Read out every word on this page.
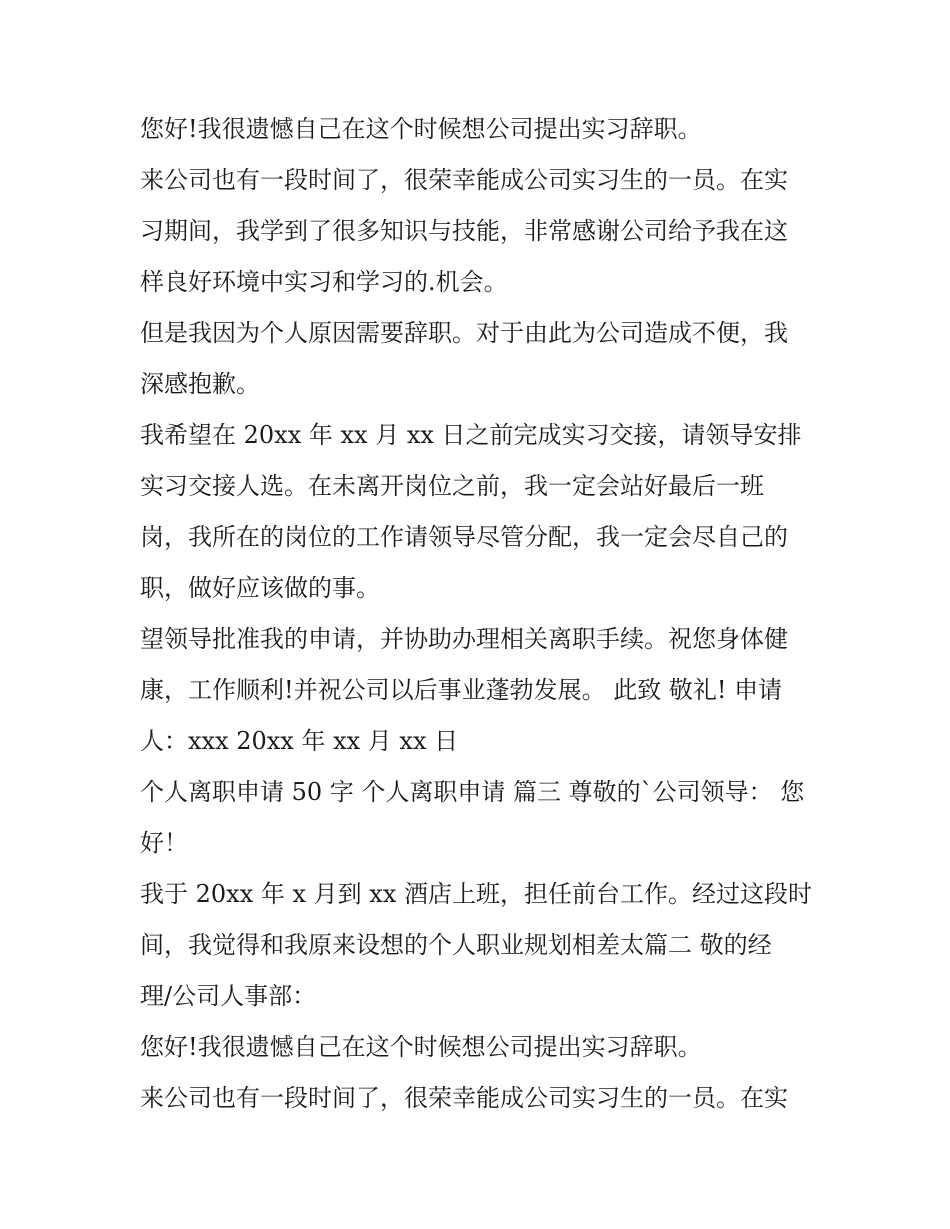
您好!我很遗憾自己在这个时候想公司提出实习辞职。
来公司也有一段时间了，很荣幸能成公司实习生的一员。在实
习期间，我学到了很多知识与技能，非常感谢公司给予我在这
样良好环境中实习和学习的.机会。
但是我因为个人原因需要辞职。对于由此为公司造成不便，我
深感抱歉。
我希望在 20xx 年 xx 月 xx 日之前完成实习交接，请领导安排
实习交接人选。在未离开岗位之前，我一定会站好最后一班
岗，我所在的岗位的工作请领导尽管分配，我一定会尽自己的
职，做好应该做的事。
望领导批准我的申请，并协助办理相关离职手续。祝您身体健
康，工作顺利!并祝公司以后事业蓬勃发展。 此致 敬礼! 申请
人：xxx 20xx 年 xx 月 xx 日
个人离职申请 50 字 个人离职申请 篇三 尊敬的`公司领导： 您
好！
我于 20xx 年 x 月到 xx 酒店上班，担任前台工作。经过这段时
间，我觉得和我原来设想的个人职业规划相差太篇二 敬的经
理/公司人事部：
您好!我很遗憾自己在这个时候想公司提出实习辞职。
来公司也有一段时间了，很荣幸能成公司实习生的一员。在实
